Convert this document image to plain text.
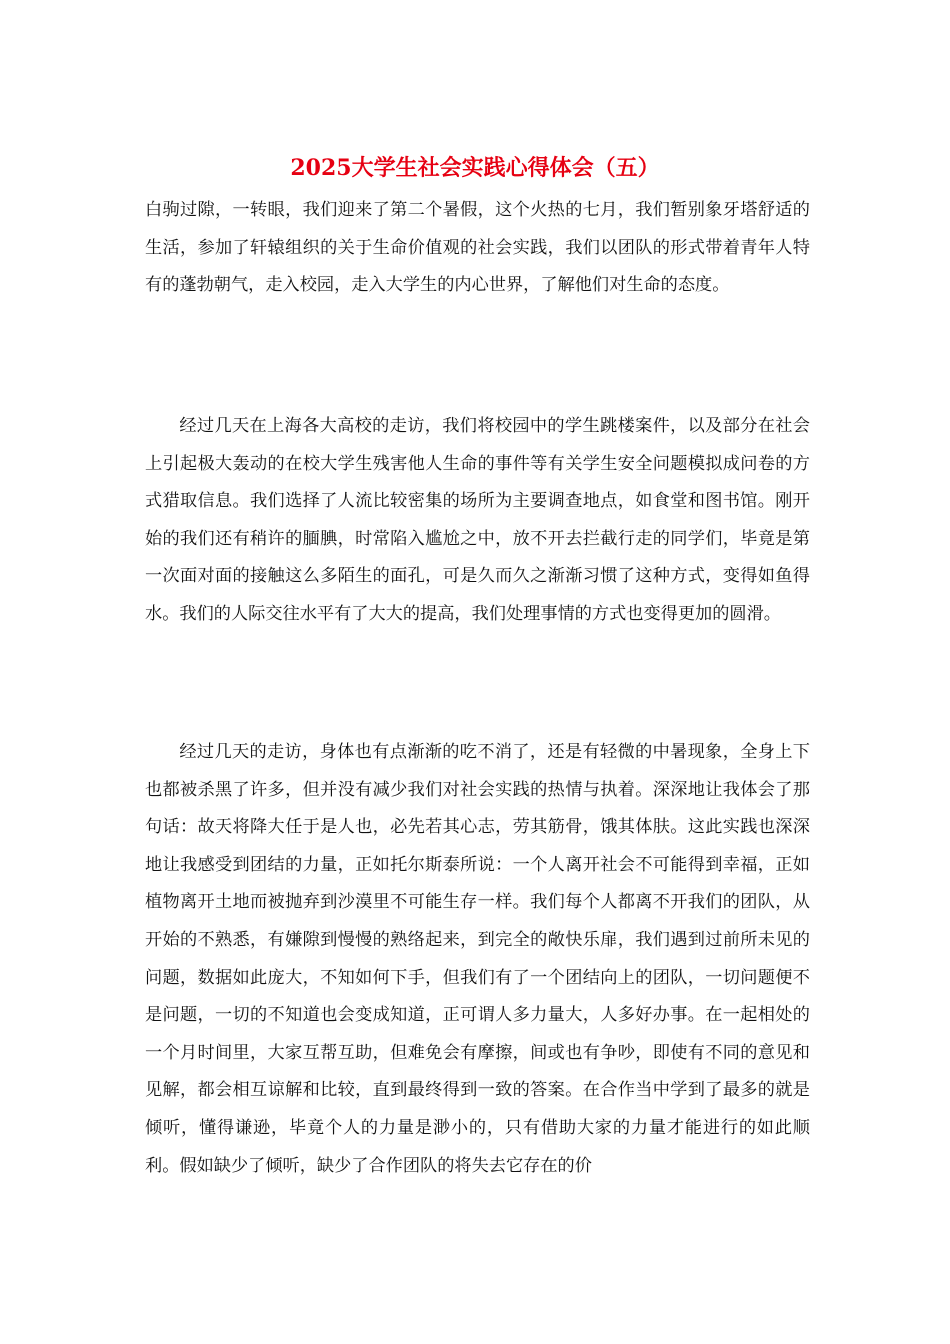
2025大学生社会实践心得体会（五）

白驹过隙，一转眼，我们迎来了第二个暑假，这个火热的七月，我们暂别象牙塔舒适的生活，参加了轩辕组织的关于生命价值观的社会实践，我们以团队的形式带着青年人特有的蓬勃朝气，走入校园，走入大学生的内心世界，了解他们对生命的态度。

经过几天在上海各大高校的走访，我们将校园中的学生跳楼案件，以及部分在社会上引起极大轰动的在校大学生残害他人生命的事件等有关学生安全问题模拟成问卷的方式猎取信息。我们选择了人流比较密集的场所为主要调查地点，如食堂和图书馆。刚开始的我们还有稍许的腼腆，时常陷入尴尬之中，放不开去拦截行走的同学们，毕竟是第一次面对面的接触这么多陌生的面孔，可是久而久之渐渐习惯了这种方式，变得如鱼得水。我们的人际交往水平有了大大的提高，我们处理事情的方式也变得更加的圆滑。

经过几天的走访，身体也有点渐渐的吃不消了，还是有轻微的中暑现象，全身上下也都被杀黑了许多，但并没有减少我们对社会实践的热情与执着。深深地让我体会了那句话：故天将降大任于是人也，必先若其心志，劳其筋骨，饿其体肤。这此实践也深深地让我感受到团结的力量，正如托尔斯泰所说：一个人离开社会不可能得到幸福，正如植物离开土地而被抛弃到沙漠里不可能生存一样。我们每个人都离不开我们的团队，从开始的不熟悉，有嫌隙到慢慢的熟络起来，到完全的敞快乐扉，我们遇到过前所未见的问题，数据如此庞大，不知如何下手，但我们有了一个团结向上的团队，一切问题便不是问题，一切的不知道也会变成知道，正可谓人多力量大，人多好办事。在一起相处的一个月时间里，大家互帮互助，但难免会有摩擦，间或也有争吵，即使有不同的意见和见解，都会相互谅解和比较，直到最终得到一致的答案。在合作当中学到了最多的就是倾听，懂得谦逊，毕竟个人的力量是渺小的，只有借助大家的力量才能进行的如此顺利。假如缺少了倾听，缺少了合作团队的将失去它存在的价
